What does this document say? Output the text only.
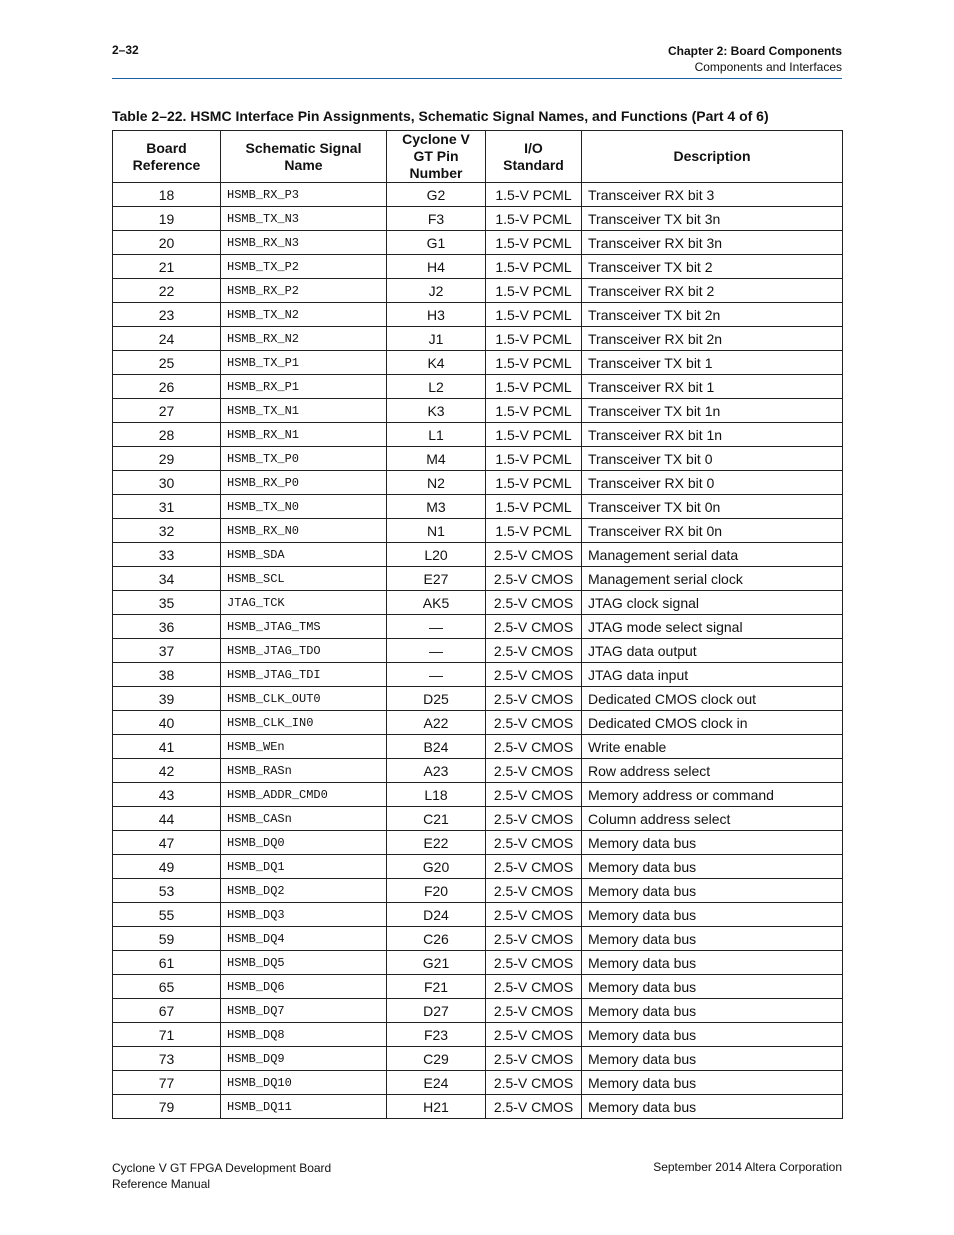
2–32	Chapter 2: Board Components
Components and Interfaces
Table 2–22. HSMC Interface Pin Assignments, Schematic Signal Names, and Functions (Part 4 of 6)
Board Reference	Schematic Signal Name	Cyclone V GT Pin Number	I/O Standard	Description
18	HSMB_RX_P3	G2	1.5-V PCML	Transceiver RX bit 3
19	HSMB_TX_N3	F3	1.5-V PCML	Transceiver TX bit 3n
20	HSMB_RX_N3	G1	1.5-V PCML	Transceiver RX bit 3n
21	HSMB_TX_P2	H4	1.5-V PCML	Transceiver TX bit 2
22	HSMB_RX_P2	J2	1.5-V PCML	Transceiver RX bit 2
23	HSMB_TX_N2	H3	1.5-V PCML	Transceiver TX bit 2n
24	HSMB_RX_N2	J1	1.5-V PCML	Transceiver RX bit 2n
25	HSMB_TX_P1	K4	1.5-V PCML	Transceiver TX bit 1
26	HSMB_RX_P1	L2	1.5-V PCML	Transceiver RX bit 1
27	HSMB_TX_N1	K3	1.5-V PCML	Transceiver TX bit 1n
28	HSMB_RX_N1	L1	1.5-V PCML	Transceiver RX bit 1n
29	HSMB_TX_P0	M4	1.5-V PCML	Transceiver TX bit 0
30	HSMB_RX_P0	N2	1.5-V PCML	Transceiver RX bit 0
31	HSMB_TX_N0	M3	1.5-V PCML	Transceiver TX bit 0n
32	HSMB_RX_N0	N1	1.5-V PCML	Transceiver RX bit 0n
33	HSMB_SDA	L20	2.5-V CMOS	Management serial data
34	HSMB_SCL	E27	2.5-V CMOS	Management serial clock
35	JTAG_TCK	AK5	2.5-V CMOS	JTAG clock signal
36	HSMB_JTAG_TMS	—	2.5-V CMOS	JTAG mode select signal
37	HSMB_JTAG_TDO	—	2.5-V CMOS	JTAG data output
38	HSMB_JTAG_TDI	—	2.5-V CMOS	JTAG data input
39	HSMB_CLK_OUT0	D25	2.5-V CMOS	Dedicated CMOS clock out
40	HSMB_CLK_IN0	A22	2.5-V CMOS	Dedicated CMOS clock in
41	HSMB_WEn	B24	2.5-V CMOS	Write enable
42	HSMB_RASn	A23	2.5-V CMOS	Row address select
43	HSMB_ADDR_CMD0	L18	2.5-V CMOS	Memory address or command
44	HSMB_CASn	C21	2.5-V CMOS	Column address select
47	HSMB_DQ0	E22	2.5-V CMOS	Memory data bus
49	HSMB_DQ1	G20	2.5-V CMOS	Memory data bus
53	HSMB_DQ2	F20	2.5-V CMOS	Memory data bus
55	HSMB_DQ3	D24	2.5-V CMOS	Memory data bus
59	HSMB_DQ4	C26	2.5-V CMOS	Memory data bus
61	HSMB_DQ5	G21	2.5-V CMOS	Memory data bus
65	HSMB_DQ6	F21	2.5-V CMOS	Memory data bus
67	HSMB_DQ7	D27	2.5-V CMOS	Memory data bus
71	HSMB_DQ8	F23	2.5-V CMOS	Memory data bus
73	HSMB_DQ9	C29	2.5-V CMOS	Memory data bus
77	HSMB_DQ10	E24	2.5-V CMOS	Memory data bus
79	HSMB_DQ11	H21	2.5-V CMOS	Memory data bus
Cyclone V GT FPGA Development Board
Reference Manual
September 2014 Altera Corporation
